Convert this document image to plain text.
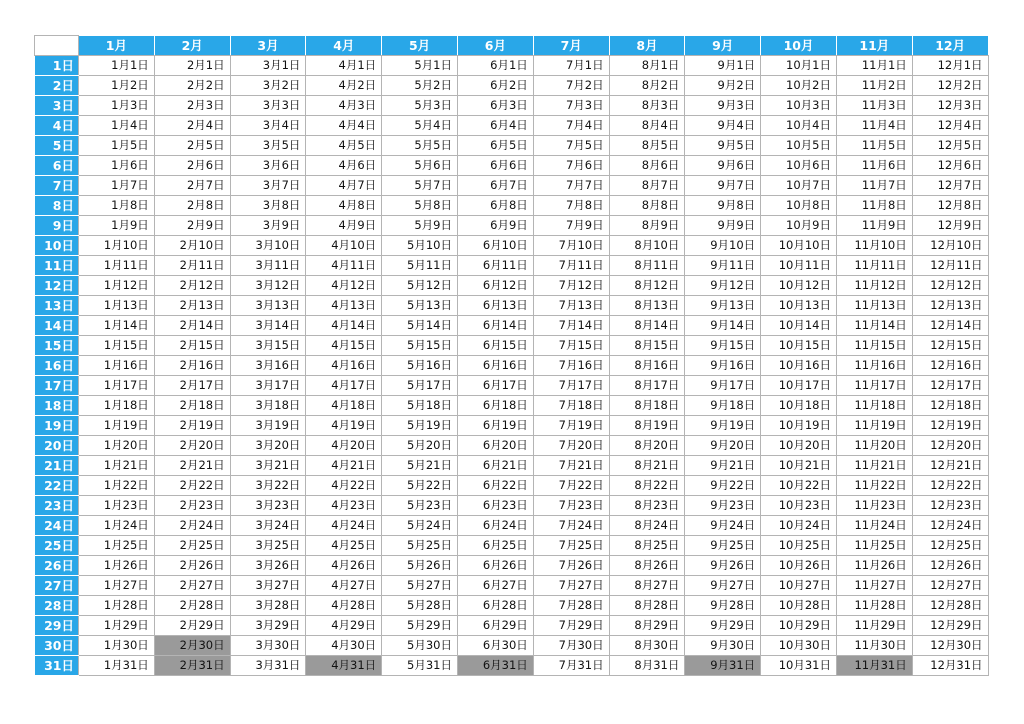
	1月	2月	3月	4月	5月	6月	7月	8月	9月	10月	11月	12月
1日	1月1日	2月1日	3月1日	4月1日	5月1日	6月1日	7月1日	8月1日	9月1日	10月1日	11月1日	12月1日
2日	1月2日	2月2日	3月2日	4月2日	5月2日	6月2日	7月2日	8月2日	9月2日	10月2日	11月2日	12月2日
3日	1月3日	2月3日	3月3日	4月3日	5月3日	6月3日	7月3日	8月3日	9月3日	10月3日	11月3日	12月3日
4日	1月4日	2月4日	3月4日	4月4日	5月4日	6月4日	7月4日	8月4日	9月4日	10月4日	11月4日	12月4日
5日	1月5日	2月5日	3月5日	4月5日	5月5日	6月5日	7月5日	8月5日	9月5日	10月5日	11月5日	12月5日
6日	1月6日	2月6日	3月6日	4月6日	5月6日	6月6日	7月6日	8月6日	9月6日	10月6日	11月6日	12月6日
7日	1月7日	2月7日	3月7日	4月7日	5月7日	6月7日	7月7日	8月7日	9月7日	10月7日	11月7日	12月7日
8日	1月8日	2月8日	3月8日	4月8日	5月8日	6月8日	7月8日	8月8日	9月8日	10月8日	11月8日	12月8日
9日	1月9日	2月9日	3月9日	4月9日	5月9日	6月9日	7月9日	8月9日	9月9日	10月9日	11月9日	12月9日
10日	1月10日	2月10日	3月10日	4月10日	5月10日	6月10日	7月10日	8月10日	9月10日	10月10日	11月10日	12月10日
11日	1月11日	2月11日	3月11日	4月11日	5月11日	6月11日	7月11日	8月11日	9月11日	10月11日	11月11日	12月11日
12日	1月12日	2月12日	3月12日	4月12日	5月12日	6月12日	7月12日	8月12日	9月12日	10月12日	11月12日	12月12日
13日	1月13日	2月13日	3月13日	4月13日	5月13日	6月13日	7月13日	8月13日	9月13日	10月13日	11月13日	12月13日
14日	1月14日	2月14日	3月14日	4月14日	5月14日	6月14日	7月14日	8月14日	9月14日	10月14日	11月14日	12月14日
15日	1月15日	2月15日	3月15日	4月15日	5月15日	6月15日	7月15日	8月15日	9月15日	10月15日	11月15日	12月15日
16日	1月16日	2月16日	3月16日	4月16日	5月16日	6月16日	7月16日	8月16日	9月16日	10月16日	11月16日	12月16日
17日	1月17日	2月17日	3月17日	4月17日	5月17日	6月17日	7月17日	8月17日	9月17日	10月17日	11月17日	12月17日
18日	1月18日	2月18日	3月18日	4月18日	5月18日	6月18日	7月18日	8月18日	9月18日	10月18日	11月18日	12月18日
19日	1月19日	2月19日	3月19日	4月19日	5月19日	6月19日	7月19日	8月19日	9月19日	10月19日	11月19日	12月19日
20日	1月20日	2月20日	3月20日	4月20日	5月20日	6月20日	7月20日	8月20日	9月20日	10月20日	11月20日	12月20日
21日	1月21日	2月21日	3月21日	4月21日	5月21日	6月21日	7月21日	8月21日	9月21日	10月21日	11月21日	12月21日
22日	1月22日	2月22日	3月22日	4月22日	5月22日	6月22日	7月22日	8月22日	9月22日	10月22日	11月22日	12月22日
23日	1月23日	2月23日	3月23日	4月23日	5月23日	6月23日	7月23日	8月23日	9月23日	10月23日	11月23日	12月23日
24日	1月24日	2月24日	3月24日	4月24日	5月24日	6月24日	7月24日	8月24日	9月24日	10月24日	11月24日	12月24日
25日	1月25日	2月25日	3月25日	4月25日	5月25日	6月25日	7月25日	8月25日	9月25日	10月25日	11月25日	12月25日
26日	1月26日	2月26日	3月26日	4月26日	5月26日	6月26日	7月26日	8月26日	9月26日	10月26日	11月26日	12月26日
27日	1月27日	2月27日	3月27日	4月27日	5月27日	6月27日	7月27日	8月27日	9月27日	10月27日	11月27日	12月27日
28日	1月28日	2月28日	3月28日	4月28日	5月28日	6月28日	7月28日	8月28日	9月28日	10月28日	11月28日	12月28日
29日	1月29日	2月29日	3月29日	4月29日	5月29日	6月29日	7月29日	8月29日	9月29日	10月29日	11月29日	12月29日
30日	1月30日	2月30日	3月30日	4月30日	5月30日	6月30日	7月30日	8月30日	9月30日	10月30日	11月30日	12月30日
31日	1月31日	2月31日	3月31日	4月31日	5月31日	6月31日	7月31日	8月31日	9月31日	10月31日	11月31日	12月31日
